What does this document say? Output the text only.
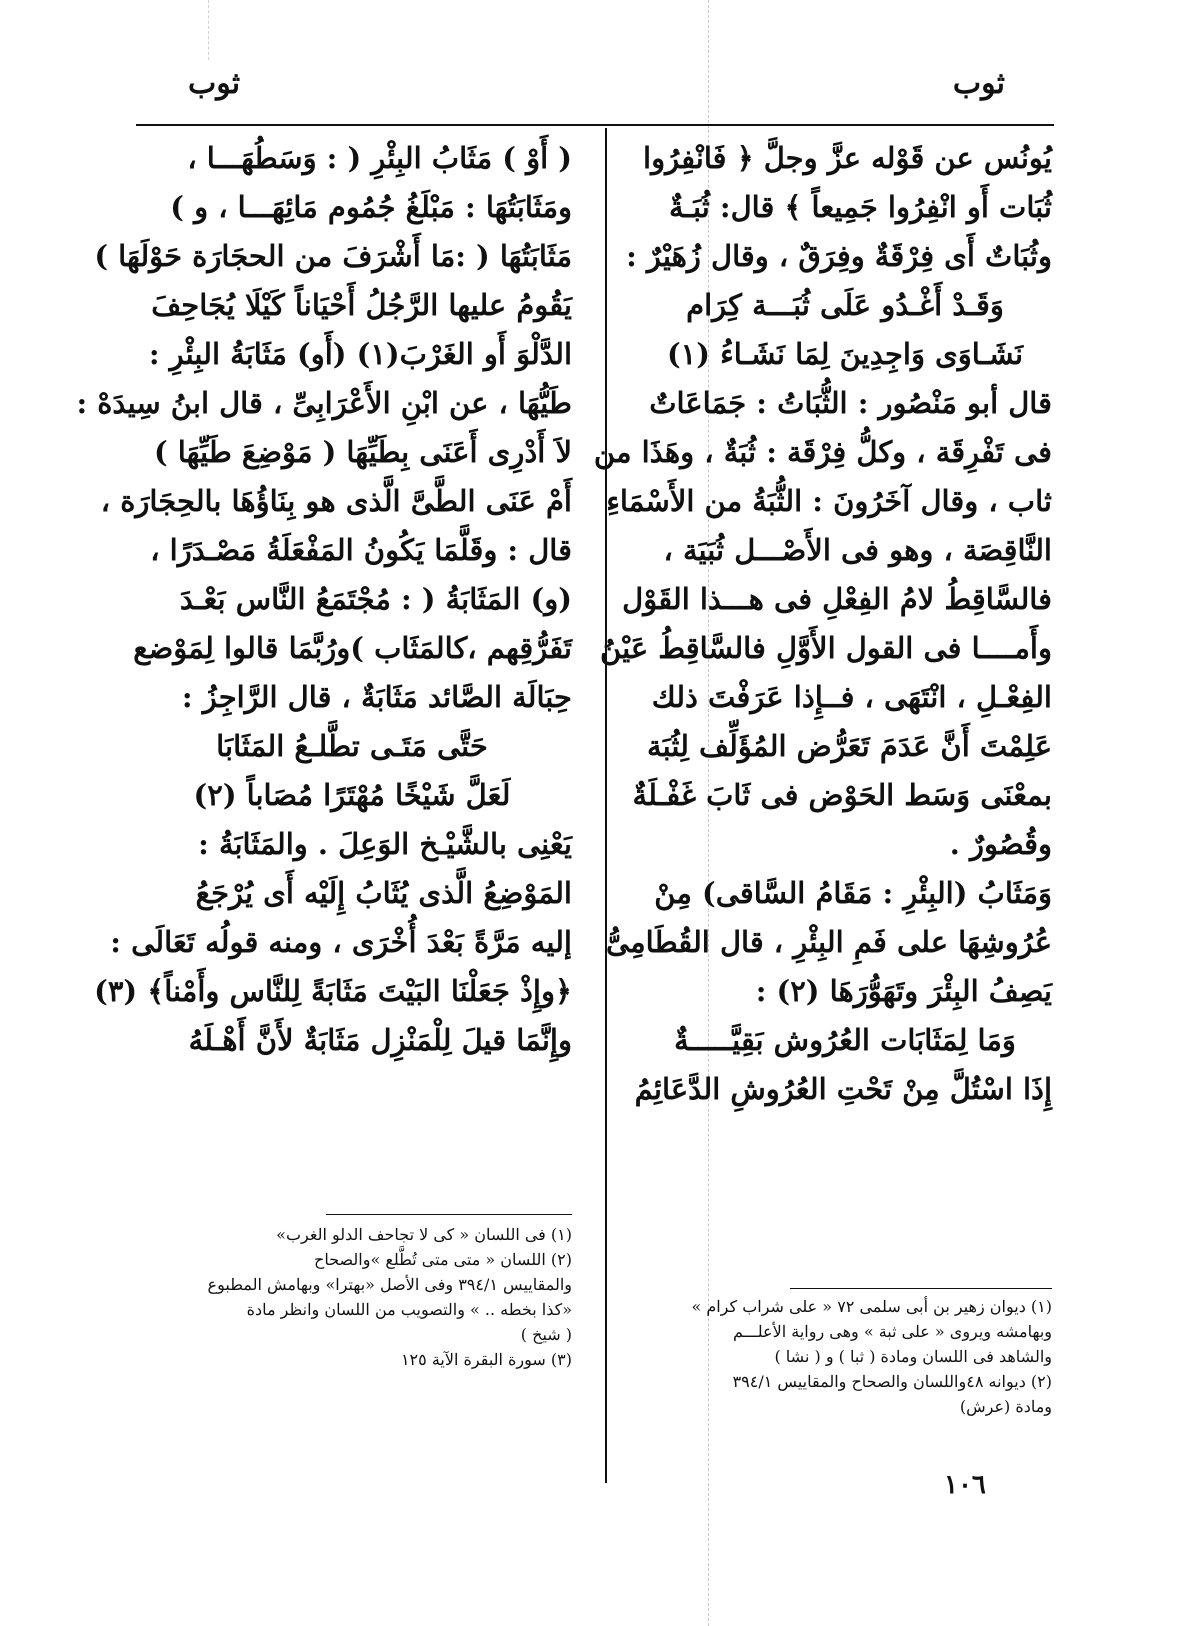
ثوب
ثوب
يُونُس عن قَوْله عزَّ وجلَّ ﴿ فَانْفِرُوا
ثُبَات أَو انْفِرُوا جَمِيعاً ﴾ قال: ثُبَـةٌ
وثُبَاتٌ أَى فِرْقَةٌ وفِرَقٌ ، وقال زُهَيْرٌ :
وَقَـدْ أَغْـدُو عَلَى ثُبَـــة كِرَام
نَشَـاوَى وَاجِدِينَ لِمَا نَشَـاءُ (١)
قال أبو مَنْصُور : الثُّبَاتُ : جَمَاعَاتٌ
فى تَفْرِقَة ، وكلُّ فِرْقَة : ثُبَةٌ ، وهَذَا من
ثاب ، وقال آخَرُونَ : الثُّبَةُ من الأَسْمَاءِ
النَّاقِصَة ، وهو فى الأَصْـــل ثُبَيَة ،
فالسَّاقِطُ لامُ الفِعْلِ فى هـــذا القَوْل
وأَمــــا فى القول الأَوَّلِ فالسَّاقِطُ عَيْنُ
الفِعْـلِ ، انْتَهَى ، فــإِذا عَرَفْتَ ذلك
عَلِمْتَ أَنَّ عَدَمَ تَعَرُّض المُؤَلِّف لِثُبَة
بمعْنَى وَسَط الحَوْض فى ثَابَ غَفْـلَةٌ
وقُصُورٌ .
وَمَثَابُ (البِئْرِ : مَقَامُ السَّاقى) مِنْ
عُرُوشِهَا على فَمِ البِئْرِ ، قال القُطَامِىُّ
يَصِفُ البِئْرَ وتَهَوُّرَهَا (٢) :
وَمَا لِمَثَابَات العُرُوش بَقِيَّـــــةٌ
إِذَا اسْتُلَّ مِنْ تَحْتِ العُرُوشِ الدَّعَائِمُ
( أَوْ ) مَثَابُ البِئْرِ ( : وَسَطُهَـــا ،
ومَثَابَتُهَا : مَبْلَغُ جُمُوم مَائِهَـــا ، و )
مَثَابَتُهَا ( :مَا أَشْرَفَ من الحجَارَة حَوْلَهَا )
يَقُومُ عليها الرَّجُلُ أَحْيَاناً كَيْلَا يُجَاحِفَ
الدَّلْوَ أَو الغَرْبَ(١) (أَو) مَثَابَةُ البِئْرِ :
طَيُّهَا ، عن ابْنِ الأَعْرَابِىِّ ، قال ابنُ سِيدَهْ :
لاَ أَدْرِى أَعَنَى بِطَيِّهَا ( مَوْضِعَ طَيِّهَا )
أَمْ عَنَى الطَّىَّ الَّذى هو بِنَاؤُهَا بالحِجَارَة ،
قال : وقَلَّمَا يَكُونُ المَفْعَلَةُ مَصْـدَرًا ،
(و) المَثَابَةُ ( : مُجْتَمَعُ النَّاس بَعْـدَ
تَفَرُّقِهم ،كالمَثَاب )ورُبَّمَا قالوا لِمَوْضع
حِبَالَة الصَّائد مَثَابَةٌ ، قال الرَّاجِزُ :
حَتَّى مَتَـى تطَّلـعُ المَثَابَا
لَعَلَّ شَيْخًا مُهْتَرًا مُصَاباً (٢)
يَعْنِى بالشَّيْـخ الوَعِلَ . والمَثَابَةُ :
المَوْضِعُ الَّذى يُثَابُ إِلَيْه أَى يُرْجَعُ
إليه مَرَّةً بَعْدَ أُخْرَى ، ومنه قولُه تَعَالَى :
﴿وإِذْ جَعَلْنَا البَيْتَ مَثَابَةً لِلنَّاس وأَمْناً﴾ (٣)
وإِنَّمَا قيلَ لِلْمَنْزِل مَثَابَةٌ لأَنَّ أَهْـلَهُ
(١) ديوان زهير بن أبى سلمى ٧٢ « على شراب كرام »
وبهامشه ويروى « على ثبة » وهى رواية الأعلـــم
والشاهد فى اللسان ومادة ( ثبا ) و ( نشا )
(٢) ديوانه ٤٨واللسان والصحاح والمقاييس ٣٩٤/١
ومادة (عرش)
(١) فى اللسان « كى لا تجاحف الدلو الغرب»
(٢) اللسان « متى متى تُطَّلع »والصحاح
والمقاييس ٣٩٤/١ وفى الأصل «بهترا» وبهامش المطبوع
«كذا بخطه .. » والتصويب من اللسان وانظر مادة
( شيخ )
(٣) سورة البقرة الآية ١٢٥
١٠٦
